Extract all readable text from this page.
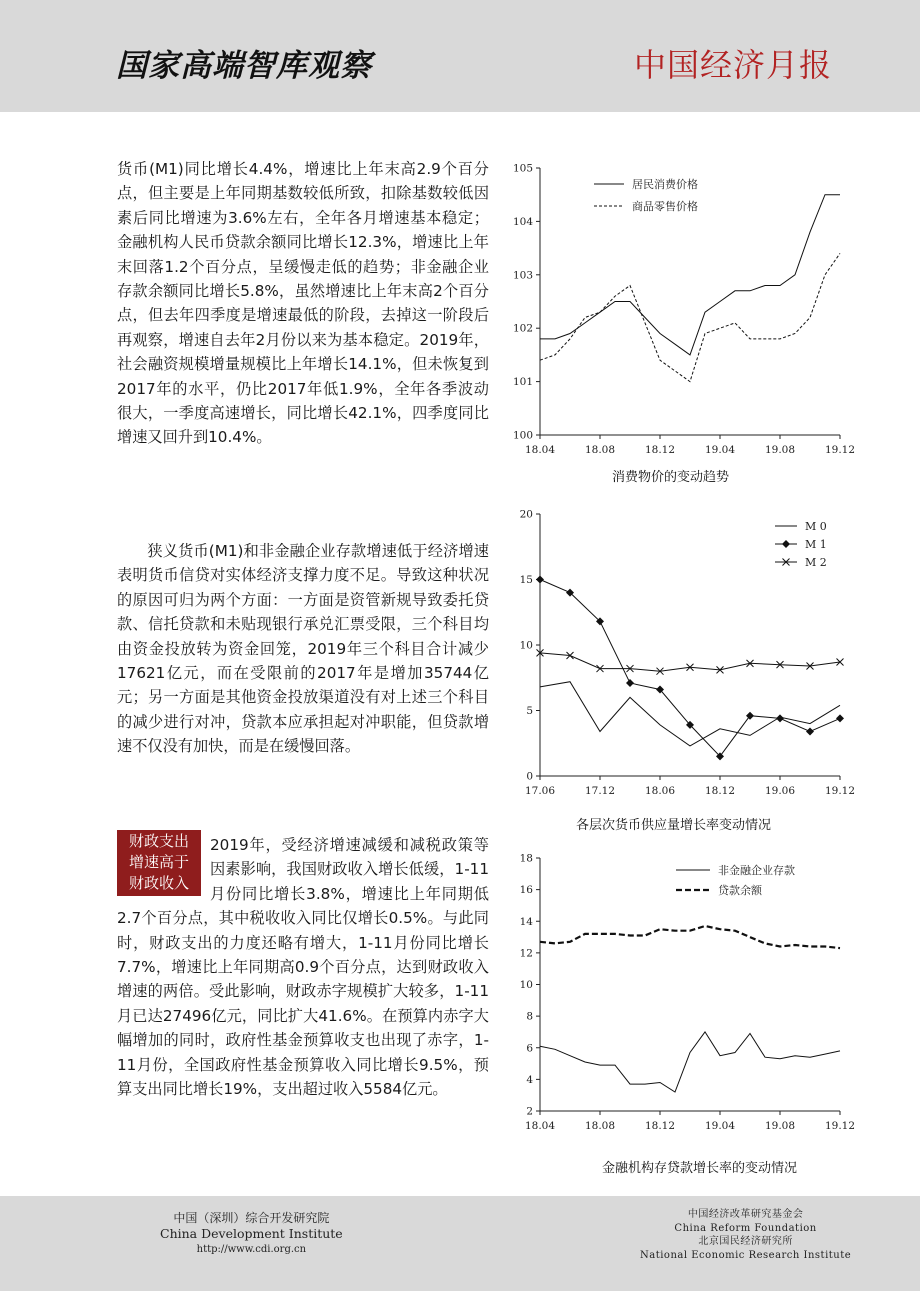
国家高端智库观察	中国经济月报
货币(M1)同比增长4.4%，增速比上年末高2.9个百分点，但主要是上年同期基数较低所致，扣除基数较低因素后同比增速为3.6%左右，全年各月增速基本稳定；金融机构人民币贷款余额同比增长12.3%，增速比上年末回落1.2个百分点，呈缓慢走低的趋势；非金融企业存款余额同比增长5.8%，虽然增速比上年末高2个百分点，但去年四季度是增速最低的阶段，去掉这一阶段后再观察，增速自去年2月份以来为基本稳定。2019年，社会融资规模增量规模比上年增长14.1%，但未恢复到2017年的水平，仍比2017年低1.9%，全年各季波动很大，一季度高速增长，同比增长42.1%，四季度同比增速又回升到10.4%。
狭义货币(M1)和非金融企业存款增速低于经济增速表明货币信贷对实体经济支撑力度不足。导致这种状况的原因可归为两个方面：一方面是资管新规导致委托贷款、信托贷款和未贴现银行承兑汇票受限，三个科目均由资金投放转为资金回笼，2019年三个科目合计减少17621亿元，而在受限前的2017年是增加35744亿元；另一方面是其他资金投放渠道没有对上述三个科目的减少进行对冲，贷款本应承担起对冲职能，但贷款增速不仅没有加快，而是在缓慢回落。
财政支出
增速高于
财政收入
2019年，受经济增速减缓和减税政策等因素影响，我国财政收入增长低缓，1-11月份同比增长3.8%，增速比上年同期低2.7个百分点，其中税收收入同比仅增长0.5%。与此同时，财政支出的力度还略有增大，1-11月份同比增长7.7%，增速比上年同期高0.9个百分点，达到财政收入增速的两倍。受此影响，财政赤字规模扩大较多，1-11月已达27496亿元，同比扩大41.6%。在预算内赤字大幅增加的同时，政府性基金预算收支也出现了赤字，1-11月份，全国政府性基金预算收入同比增长9.5%，预算支出同比增长19%，支出超过收入5584亿元。
100
101
102
103
104
105
18.04	18.08	18.12	19.04	19.08	19.12
居民消费价格
商品零售价格
消费物价的变动趋势
0
5
10
15
20
17.06	17.12	18.06	18.12	19.06	19.12
M 0
M 1
M 2
各层次货币供应量增长率变动情况
2
4
6
8
10
12
14
16
18
18.04	18.08	18.12	19.04	19.08	19.12
非金融企业存款
贷款余额
金融机构存贷款增长率的变动情况
中国（深圳）综合开发研究院
China Development Institute
http://www.cdi.org.cn
中国经济改革研究基金会
China Reform Foundation
北京国民经济研究所
National Economic Research Institute
